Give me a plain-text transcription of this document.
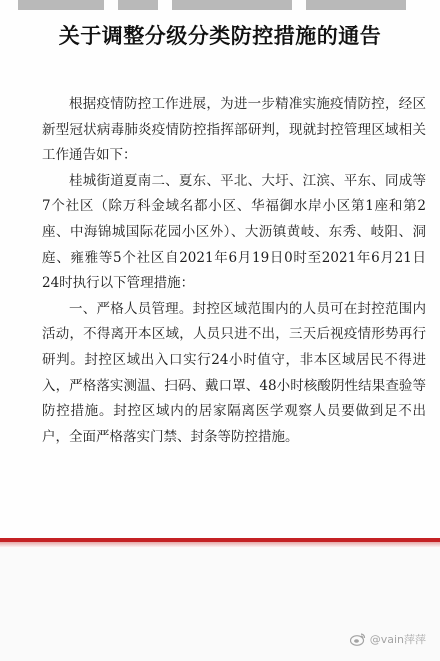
关于调整分级分类防控措施的通告

根据疫情防控工作进展，为进一步精准实施疫情防控，经区新型冠状病毒肺炎疫情防控指挥部研判，现就封控管理区域相关工作通告如下：

桂城街道夏南二、夏东、平北、大圩、江滨、平东、同成等7个社区（除万科金域名都小区、华福御水岸小区第1座和第2座、中海锦城国际花园小区外）、大沥镇黄岐、东秀、岐阳、洞庭、雍雅等5个社区自2021年6月19日0时至2021年6月21日24时执行以下管理措施：

一、严格人员管理。封控区域范围内的人员可在封控范围内活动，不得离开本区域，人员只进不出，三天后视疫情形势再行研判。封控区域出入口实行24小时值守，非本区域居民不得进入，严格落实测温、扫码、戴口罩、48小时核酸阴性结果查验等防控措施。封控区域内的居家隔离医学观察人员要做到足不出户，全面严格落实门禁、封条等防控措施。

@vain萍萍
